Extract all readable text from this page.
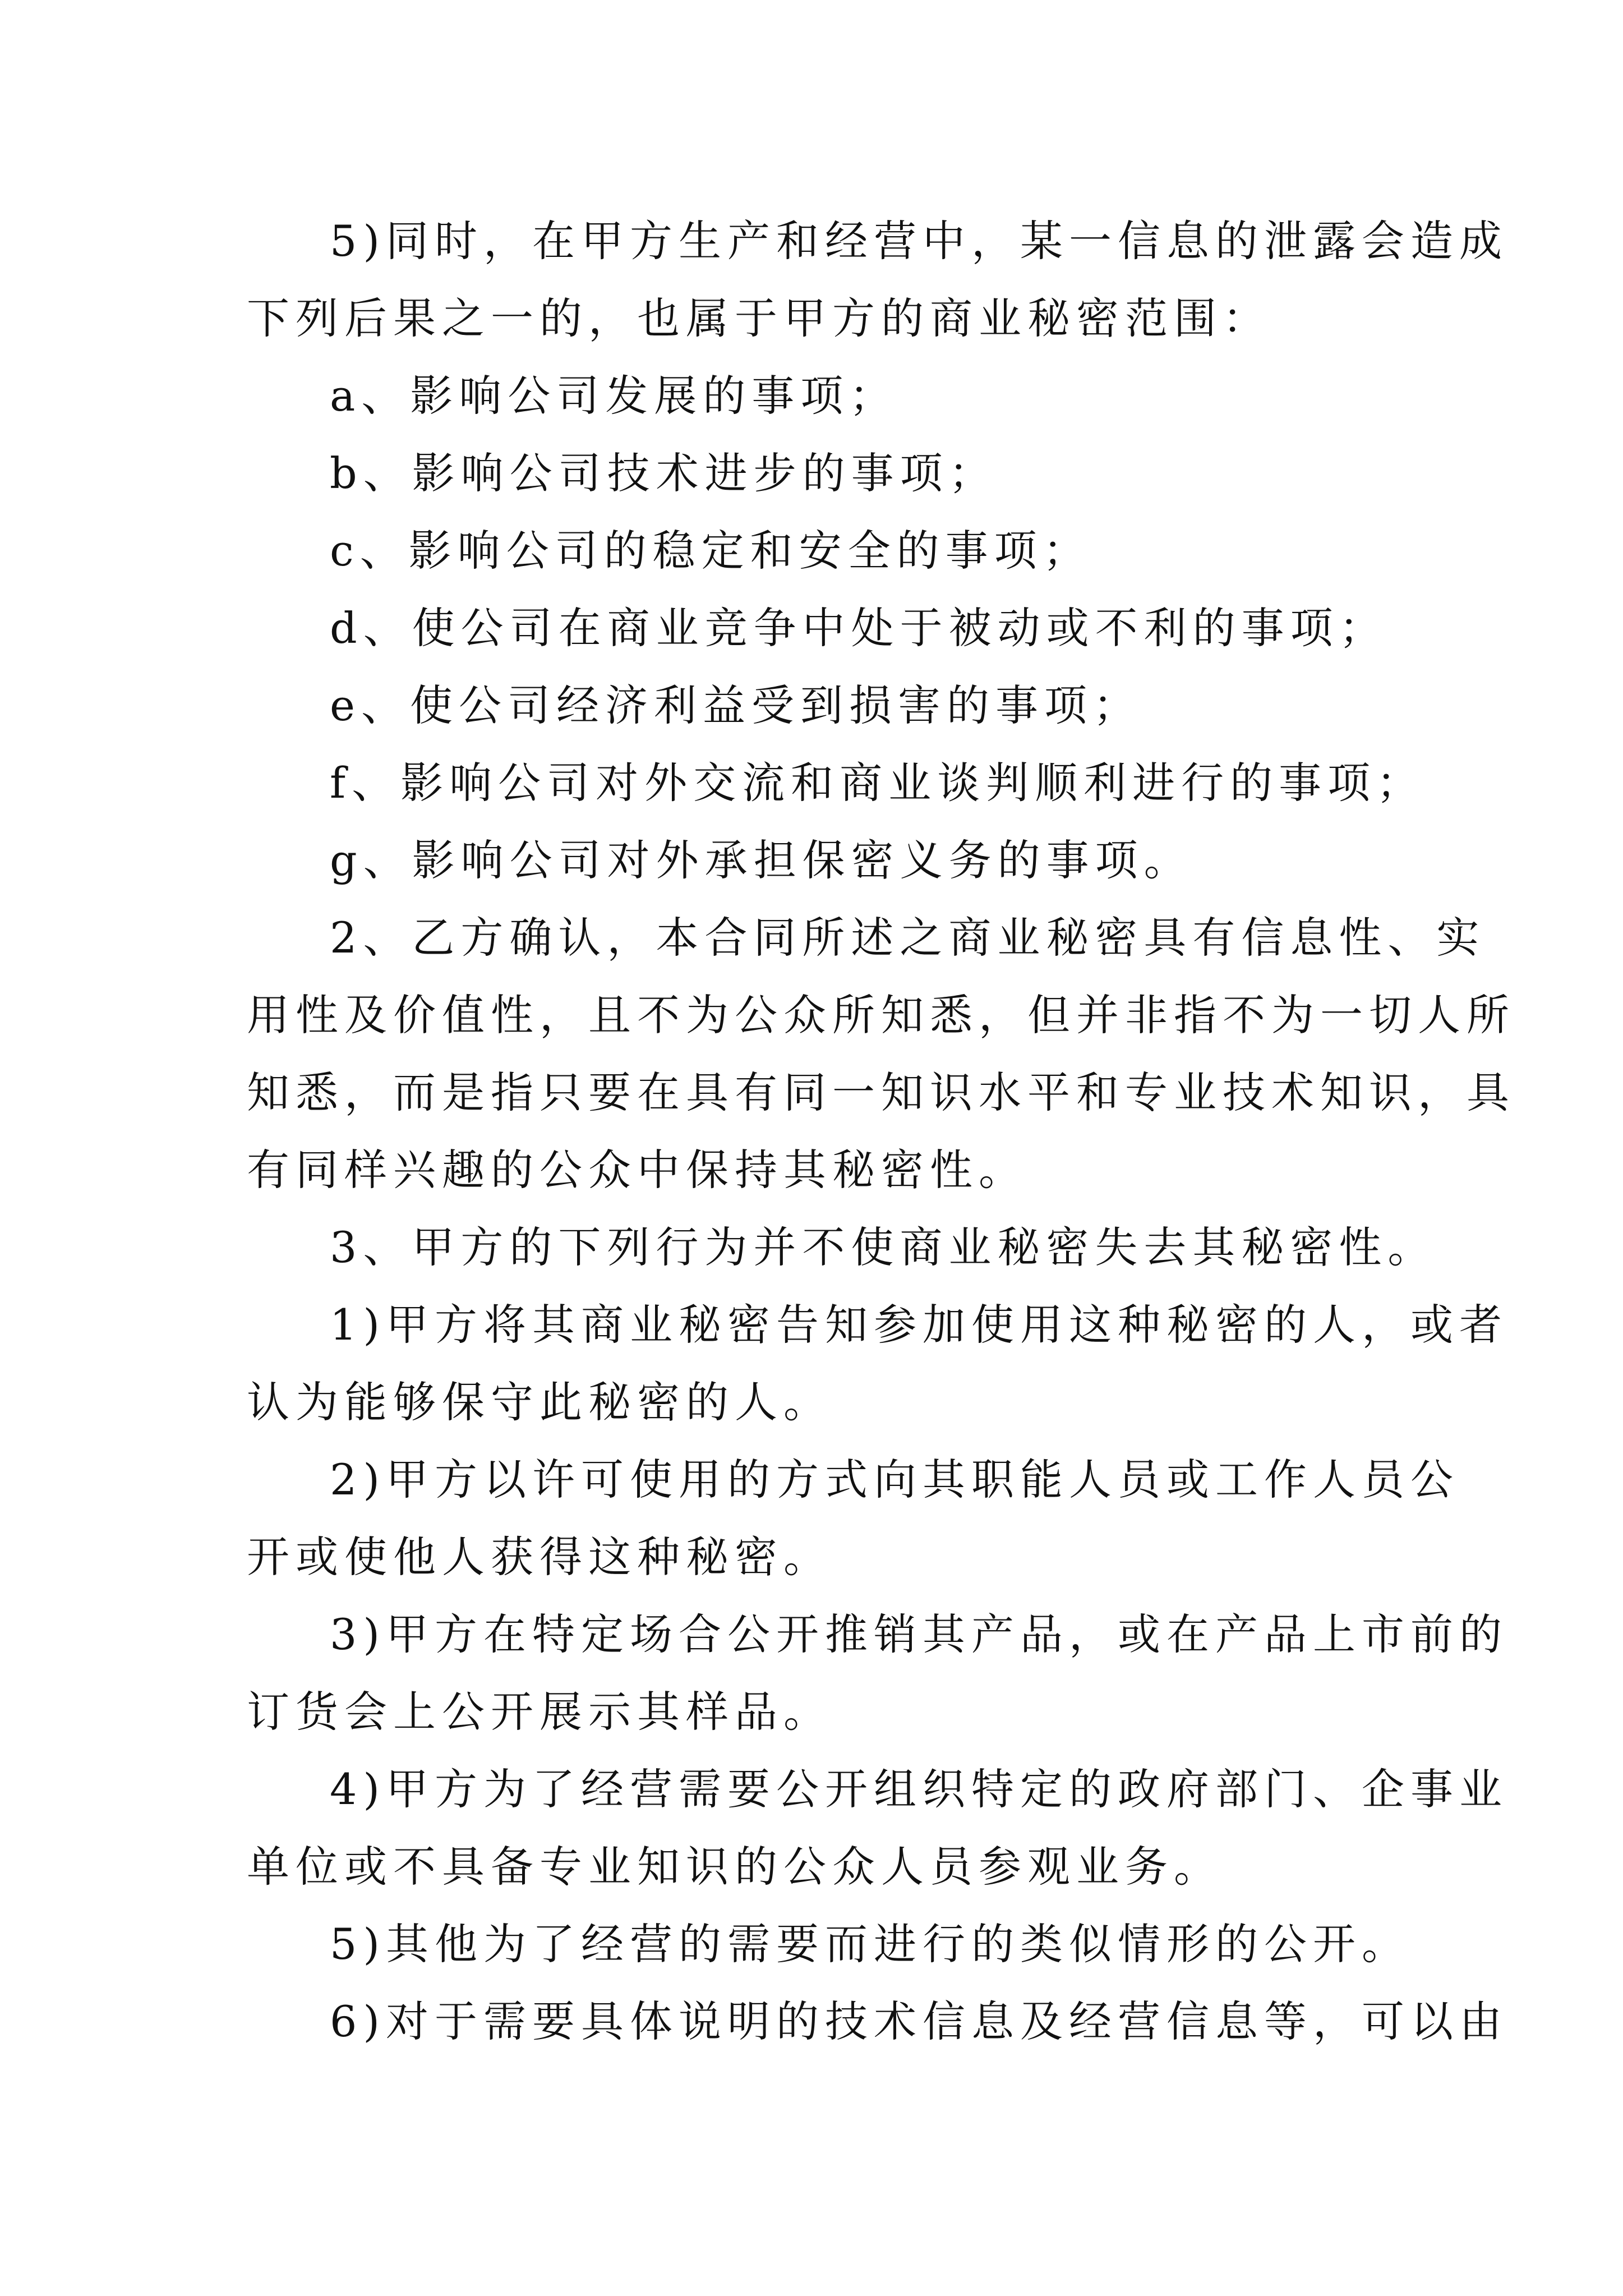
5)同时，在甲方生产和经营中，某一信息的泄露会造成
下列后果之一的，也属于甲方的商业秘密范围：
a、影响公司发展的事项；
b、影响公司技术进步的事项；
c、影响公司的稳定和安全的事项；
d、使公司在商业竞争中处于被动或不利的事项；
e、使公司经济利益受到损害的事项；
f、影响公司对外交流和商业谈判顺利进行的事项；
g、影响公司对外承担保密义务的事项。
2、乙方确认，本合同所述之商业秘密具有信息性、实
用性及价值性，且不为公众所知悉，但并非指不为一切人所
知悉，而是指只要在具有同一知识水平和专业技术知识，具
有同样兴趣的公众中保持其秘密性。
3、甲方的下列行为并不使商业秘密失去其秘密性。
1)甲方将其商业秘密告知参加使用这种秘密的人，或者
认为能够保守此秘密的人。
2)甲方以许可使用的方式向其职能人员或工作人员公
开或使他人获得这种秘密。
3)甲方在特定场合公开推销其产品，或在产品上市前的
订货会上公开展示其样品。
4)甲方为了经营需要公开组织特定的政府部门、企事业
单位或不具备专业知识的公众人员参观业务。
5)其他为了经营的需要而进行的类似情形的公开。
6)对于需要具体说明的技术信息及经营信息等，可以由
